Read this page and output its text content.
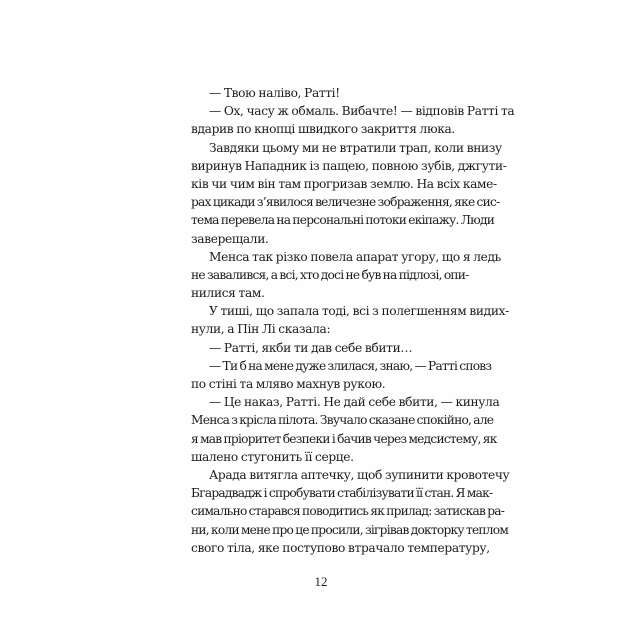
— Твою наліво, Ратті!
— Ох, часу ж обмаль. Вибачте! — відповів Ратті та
вдарив по кнопці швидкого закриття люка.
Завдяки цьому ми не втратили трап, коли внизу
виринув Нападник із пащею, повною зубів, джгути-
ків чи чим він там прогризав землю. На всіх каме-
рах цикади з’явилося величезне зображення, яке сис-
тема перевела на персональні потоки екіпажу. Люди
заверещали.
Менса так різко повела апарат угору, що я ледь
не завалився, а всі, хто досі не був на підлозі, опи-
нилися там.
У тиші, що запала тоді, всі з полегшенням видих-
нули, а Пін Лі сказала:
— Ратті, якби ти дав себе вбити…
— Ти б на мене дуже злилася, знаю, — Ратті сповз
по стіні та мляво махнув рукою.
— Це наказ, Ратті. Не дай себе вбити, — кинула
Менса з крісла пілота. Звучало сказане спокійно, але
я мав пріоритет безпеки і бачив через медсистему, як
шалено стугонить її серце.
Арада витягла аптечку, щоб зупинити кровотечу
Бгарадвадж і спробувати стабілізувати її стан. Я мак-
симально старався поводитись як прилад: затискав ра-
ни, коли мене про це просили, зігрівав докторку теплом
свого тіла, яке поступово втрачало температуру,
12
